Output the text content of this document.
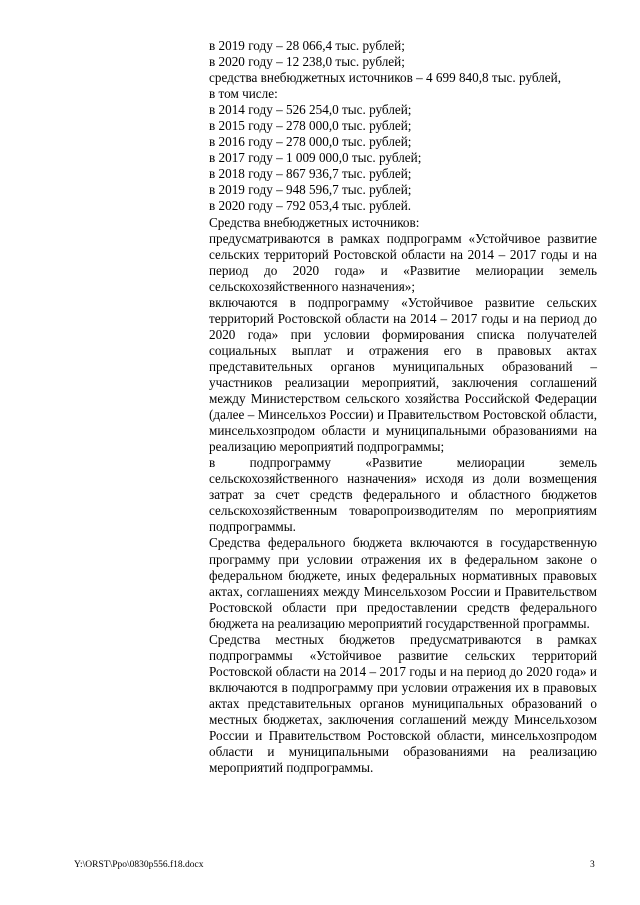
в 2019 году – 28 066,4 тыс. рублей;

в 2020 году – 12 238,0 тыс. рублей;

средства внебюджетных источников – 4 699 840,8 тыс. рублей,

в том числе:

в 2014 году – 526 254,0 тыс. рублей;

в 2015 году – 278 000,0 тыс. рублей;

в 2016 году – 278 000,0 тыс. рублей;

в 2017 году – 1 009 000,0 тыс. рублей;

в 2018 году – 867 936,7 тыс. рублей;

в 2019 году – 948 596,7 тыс. рублей;

в 2020 году – 792 053,4 тыс. рублей.

Средства внебюджетных источников:

предусматриваются в рамках подпрограмм «Устойчивое развитие сельских территорий Ростовской области на 2014 – 2017 годы и на период до 2020 года» и «Развитие мелиорации земель сельскохозяйственного назначения»;

включаются в подпрограмму «Устойчивое развитие сельских территорий Ростовской области на 2014 – 2017 годы и на период до 2020 года» при условии формирования списка получателей социальных выплат и отражения его в правовых актах представительных органов муниципальных образований – участников реализации мероприятий, заключения соглашений между Министерством сельского хозяйства Российской Федерации (далее – Минсельхоз России) и Правительством Ростовской области, минсельхозпродом области и муниципальными образованиями на реализацию мероприятий подпрограммы;

в подпрограмму «Развитие мелиорации земель сельскохозяйственного назначения» исходя из доли возмещения затрат за счет средств федерального и областного бюджетов сельскохозяйственным товаропроизводителям по мероприятиям подпрограммы.

Средства федерального бюджета включаются в государственную программу при условии отражения их в федеральном законе о федеральном бюджете, иных федеральных нормативных правовых актах, соглашениях между Минсельхозом России и Правительством Ростовской области при предоставлении средств федерального бюджета на реализацию мероприятий государственной программы.

Средства местных бюджетов предусматриваются в рамках подпрограммы «Устойчивое развитие сельских территорий Ростовской области на 2014 – 2017 годы и на период до 2020 года» и включаются в подпрограмму при условии отражения их в правовых актах представительных органов муниципальных образований о местных бюджетах, заключения соглашений между Минсельхозом России и Правительством Ростовской области, минсельхозпродом области и муниципальными образованиями на реализацию мероприятий подпрограммы.

Y:\ORST\Ppo\0830p556.f18.docx	3
